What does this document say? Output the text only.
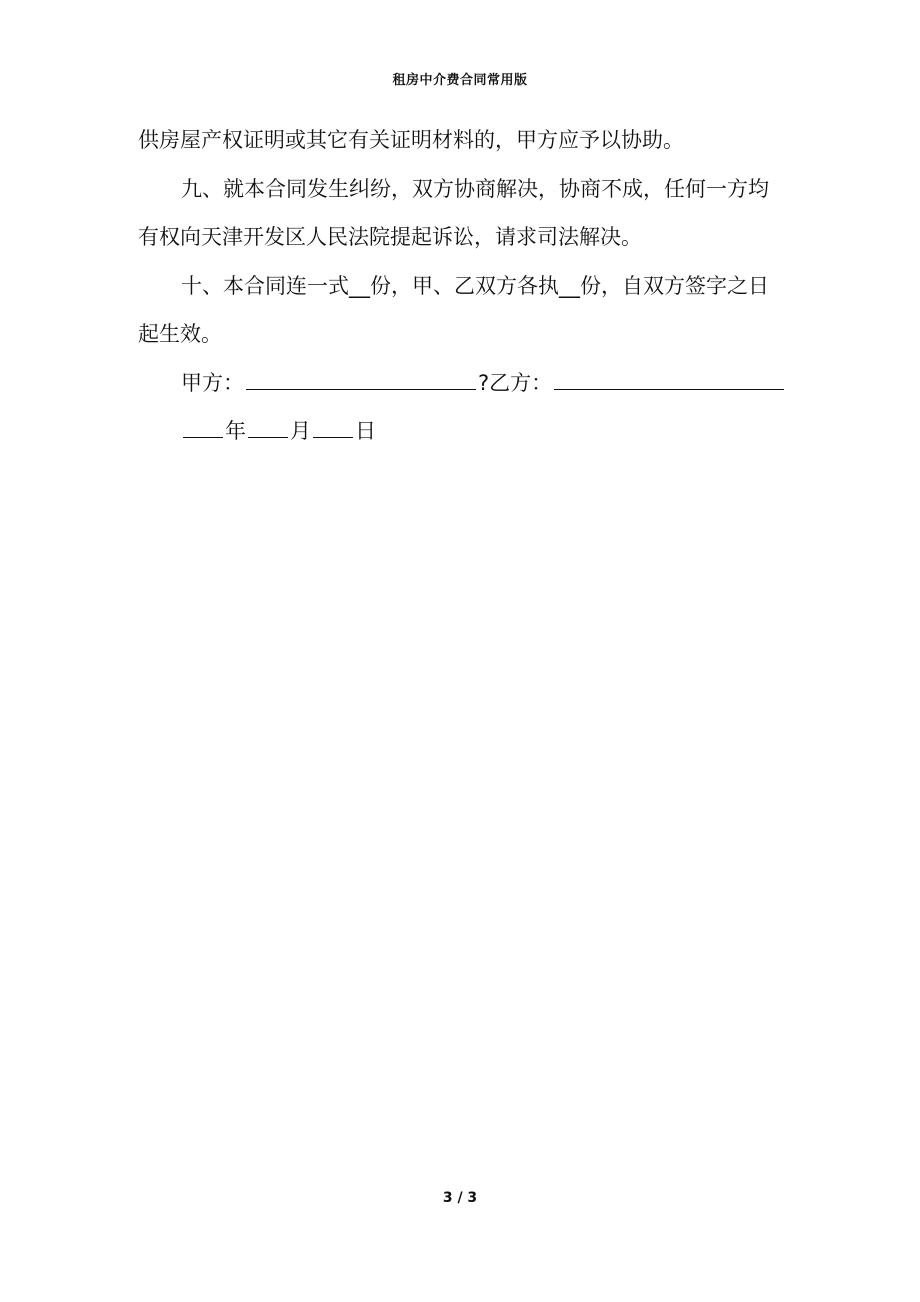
租房中介费合同常用版

供房屋产权证明或其它有关证明材料的，甲方应予以协助。

九、就本合同发生纠纷，双方协商解决，协商不成，任何一方均

有权向天津开发区人民法院提起诉讼，请求司法解决。

十、本合同连一式__份，甲、乙双方各执__份，自双方签字之日

起生效。

甲方：	?乙方：

年 月 日

3 / 3
